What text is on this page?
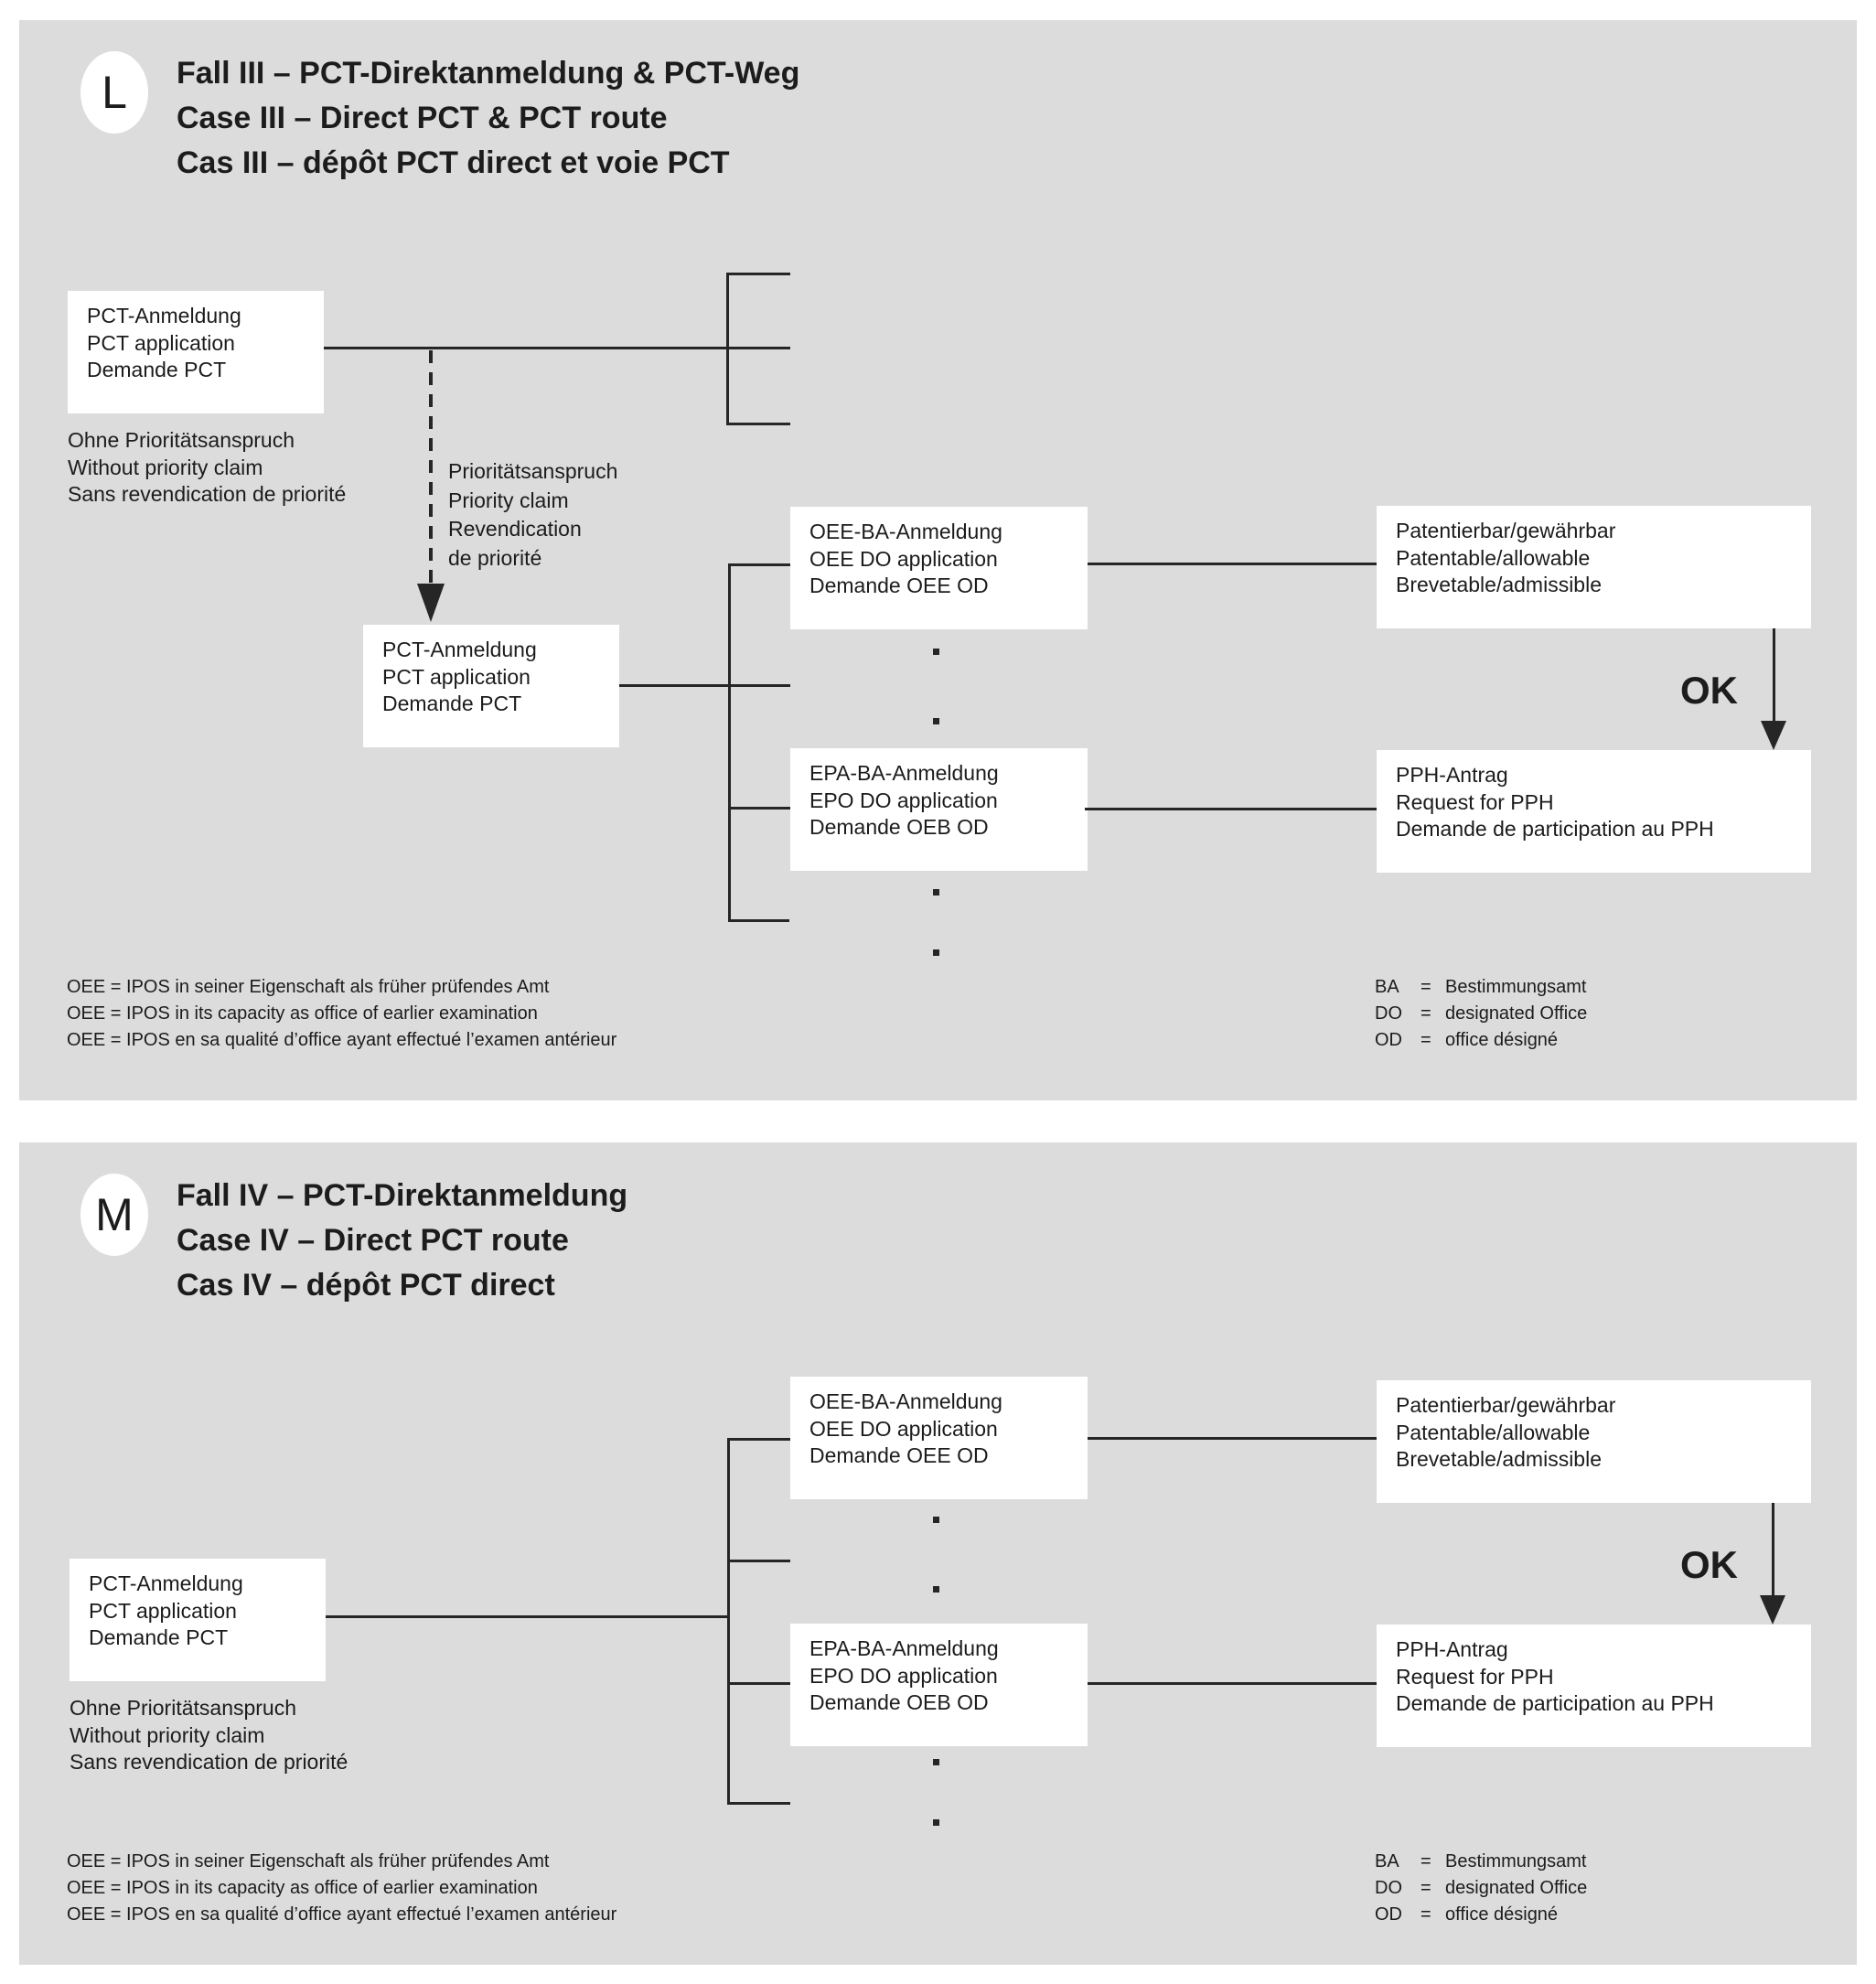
L Fall III – PCT-Direktanmeldung & PCT-Weg
Case III – Direct PCT & PCT route
Cas III – dépôt PCT direct et voie PCT
PCT-Anmeldung
PCT application
Demande PCT
Ohne Prioritätsanspruch
Without priority claim
Sans revendication de priorité
Prioritätsanspruch
Priority claim
Revendication
de priorité
PCT-Anmeldung
PCT application
Demande PCT
OEE-BA-Anmeldung
OEE DO application
Demande OEE OD
EPA-BA-Anmeldung
EPO DO application
Demande OEB OD
Patentierbar/gewährbar
Patentable/allowable
Brevetable/admissible
OK
PPH-Antrag
Request for PPH
Demande de participation au PPH
OEE = IPOS in seiner Eigenschaft als früher prüfendes Amt
OEE = IPOS in its capacity as office of earlier examination
OEE = IPOS en sa qualité d’office ayant effectué l’examen antérieur
BA = Bestimmungsamt
DO = designated Office
OD = office désigné
M Fall IV – PCT-Direktanmeldung
Case IV – Direct PCT route
Cas IV – dépôt PCT direct
PCT-Anmeldung
PCT application
Demande PCT
Ohne Prioritätsanspruch
Without priority claim
Sans revendication de priorité
OEE-BA-Anmeldung
OEE DO application
Demande OEE OD
EPA-BA-Anmeldung
EPO DO application
Demande OEB OD
Patentierbar/gewährbar
Patentable/allowable
Brevetable/admissible
OK
PPH-Antrag
Request for PPH
Demande de participation au PPH
OEE = IPOS in seiner Eigenschaft als früher prüfendes Amt
OEE = IPOS in its capacity as office of earlier examination
OEE = IPOS en sa qualité d’office ayant effectué l’examen antérieur
BA = Bestimmungsamt
DO = designated Office
OD = office désigné
